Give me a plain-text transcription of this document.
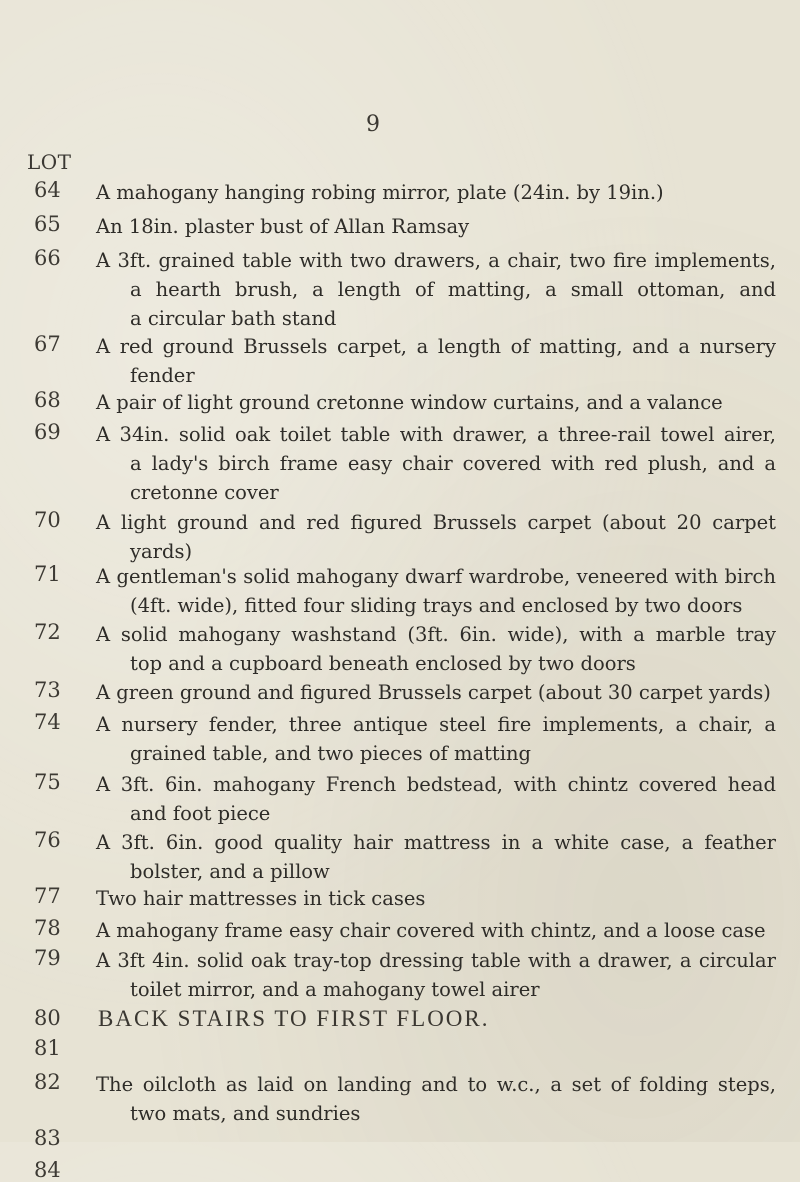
9
LOT
64 A mahogany hanging robing mirror, plate (24in. by 19in.)
65 An 18in. plaster bust of Allan Ramsay
66 A 3ft. grained table with two drawers, a chair, two fire implements,
a hearth brush, a length of matting, a small ottoman, and
a circular bath stand
67 A red ground Brussels carpet, a length of matting, and a nursery
fender
68 A pair of light ground cretonne window curtains, and a valance
69 A 34in. solid oak toilet table with drawer, a three-rail towel airer,
a lady's birch frame easy chair covered with red plush, and a
cretonne cover
70 A light ground and red figured Brussels carpet (about 20 carpet
yards)
71 A gentleman's solid mahogany dwarf wardrobe, veneered with birch
(4ft. wide), fitted four sliding trays and enclosed by two doors
72 A solid mahogany washstand (3ft. 6in. wide), with a marble tray
top and a cupboard beneath enclosed by two doors
73 A green ground and figured Brussels carpet (about 30 carpet yards)
74 A nursery fender, three antique steel fire implements, a chair, a
grained table, and two pieces of matting
75 A 3ft. 6in. mahogany French bedstead, with chintz covered head
and foot piece
76 A 3ft. 6in. good quality hair mattress in a white case, a feather
bolster, and a pillow
77 Two hair mattresses in tick cases
78 A mahogany frame easy chair covered with chintz, and a loose case
79 A 3ft 4in. solid oak tray-top dressing table with a drawer, a circular
toilet mirror, and a mahogany towel airer
80
81
82 The oilcloth as laid on landing and to w.c., a set of folding steps,
two mats, and sundries
83
84
BACK STAIRS TO FIRST FLOOR.
